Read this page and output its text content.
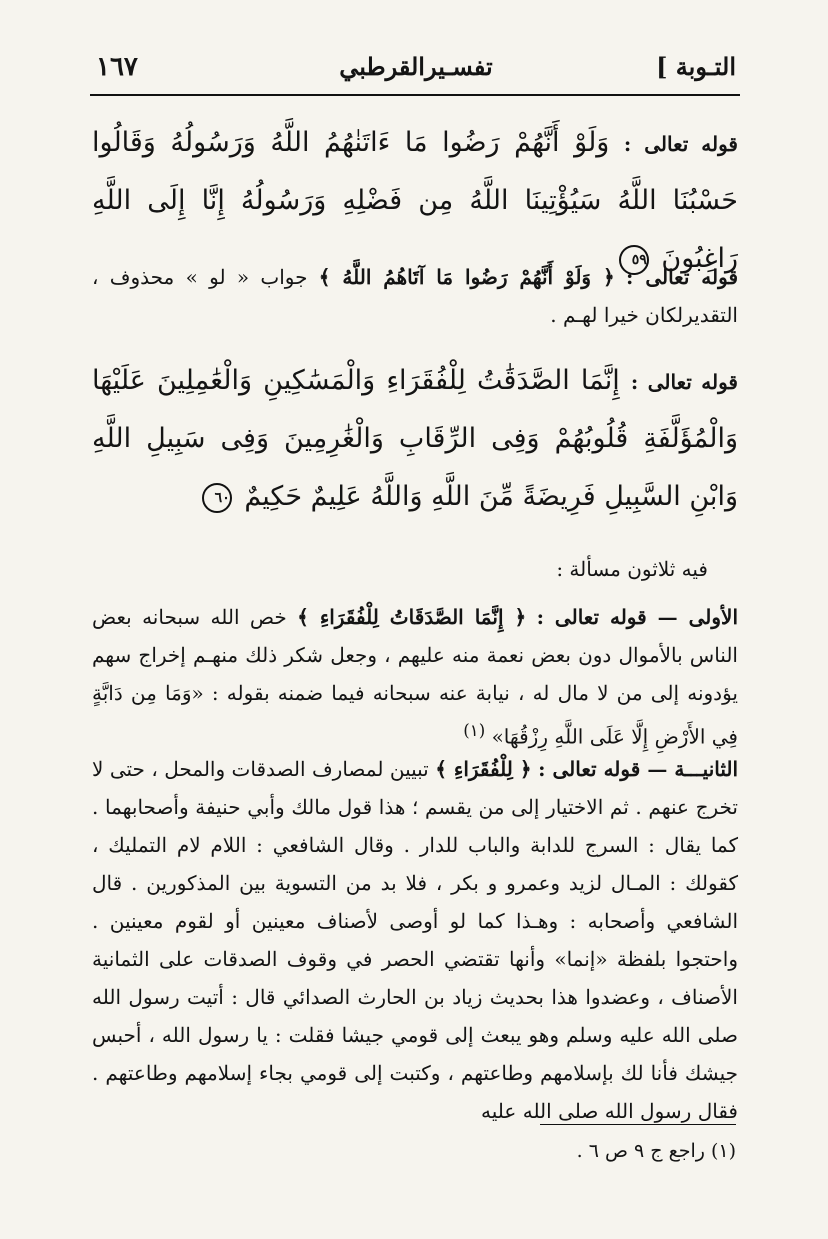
التـوبة ]
تفسـيرالقرطبي
١٦٧

قوله تعالى : وَلَوْ أَنَّهُمْ رَضُوا مَا ءَاتَنٰهُمُ اللَّهُ وَرَسُولُهُ وَقَالُوا حَسْبُنَا اللَّهُ سَيُؤْتِينَا اللَّهُ مِن فَضْلِهِ وَرَسُولُهُ إِنَّا إِلَى اللَّهِ رَاغِبُونَ ٥٩

قوله تعالى : ﴿ وَلَوْ أَنَّهُمْ رَضُوا مَا آتَاهُمُ اللَّهُ ﴾ جواب « لو » محذوف ، التقديرلكان خيرا لهـم .

قوله تعالى : إِنَّمَا الصَّدَقَٰتُ لِلْفُقَرَاءِ وَالْمَسَٰكِينِ وَالْعَٰمِلِينَ عَلَيْهَا وَالْمُؤَلَّفَةِ قُلُوبُهُمْ وَفِى الرِّقَابِ وَالْغَٰرِمِينَ وَفِى سَبِيلِ اللَّهِ وَابْنِ السَّبِيلِ فَرِيضَةً مِّنَ اللَّهِ وَاللَّهُ عَلِيمٌ حَكِيمٌ ٦٠

فيه ثلاثون مسألة :

الأولى — قوله تعالى : ﴿ إِنَّمَا الصَّدَقَاتُ لِلْفُقَرَاءِ ﴾ خص الله سبحانه بعض الناس بالأموال دون بعض نعمة منه عليهم ، وجعل شكر ذلك منهـم إخراج سهم يؤدونه إلى من لا مال له ، نيابة عنه سبحانه فيما ضمنه بقوله : «وَمَا مِن دَابَّةٍ فِي الأَرْضِ إِلَّا عَلَى اللَّهِ رِزْقُهَا» $^{(١)}$

الثانيـــة — قوله تعالى : ﴿ لِلْفُقَرَاءِ ﴾ تبيين لمصارف الصدقات والمحل ، حتى لا تخرج عنهم . ثم الاختيار إلى من يقسم ؛ هذا قول مالك وأبي حنيفة وأصحابهما . كما يقال : السرج للدابة والباب للدار . وقال الشافعي : اللام لام التمليك ، كقولك : المـال لزيد وعمرو و بكر ، فلا بد من التسوية بين المذكورين . قال الشافعي وأصحابه : وهـذا كما لو أوصى لأصناف معينين أو لقوم معينين . واحتجوا بلفظة «إنما» وأنها تقتضي الحصر في وقوف الصدقات على الثمانية الأصناف ، وعضدوا هذا بحديث زياد بن الحارث الصدائي قال : أتيت رسول الله صلى الله عليه وسلم وهو يبعث إلى قومي جيشا فقلت : يا رسول الله ، أحبس جيشك فأنا لك بإسلامهم وطاعتهم ، وكتبت إلى قومي بجاء إسلامهم وطاعتهم . فقال رسول الله صلى الله عليه

(١) راجع ج ٩ ص ٦ .
